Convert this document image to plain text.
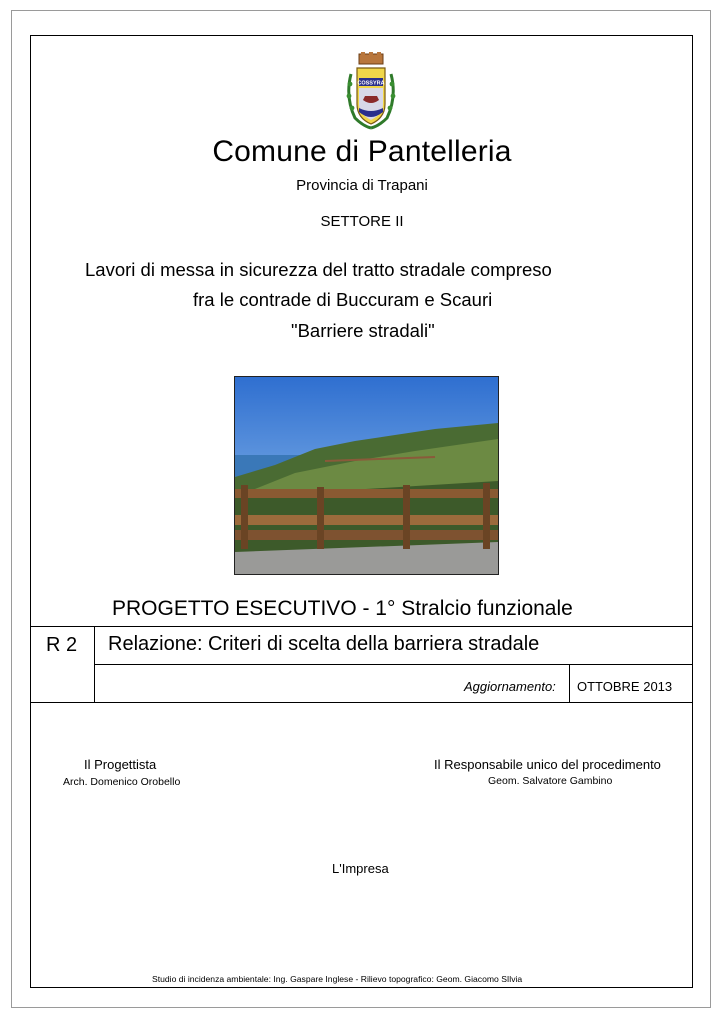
COSSYRA
Comune di Pantelleria
Provincia di Trapani
SETTORE II
Lavori di messa in sicurezza del tratto stradale compreso
fra le contrade di Buccuram e Scauri
"Barriere stradali"
PROGETTO ESECUTIVO - 1° Stralcio funzionale
R 2 Relazione: Criteri di scelta della barriera stradale
Aggiornamento: OTTOBRE 2013
Il Progettista
Arch. Domenico Orobello
Il Responsabile unico del procedimento
Geom. Salvatore Gambino
L'Impresa
Studio di incidenza ambientale: Ing. Gaspare Inglese - Rilievo topografico: Geom. Giacomo SIlvia
